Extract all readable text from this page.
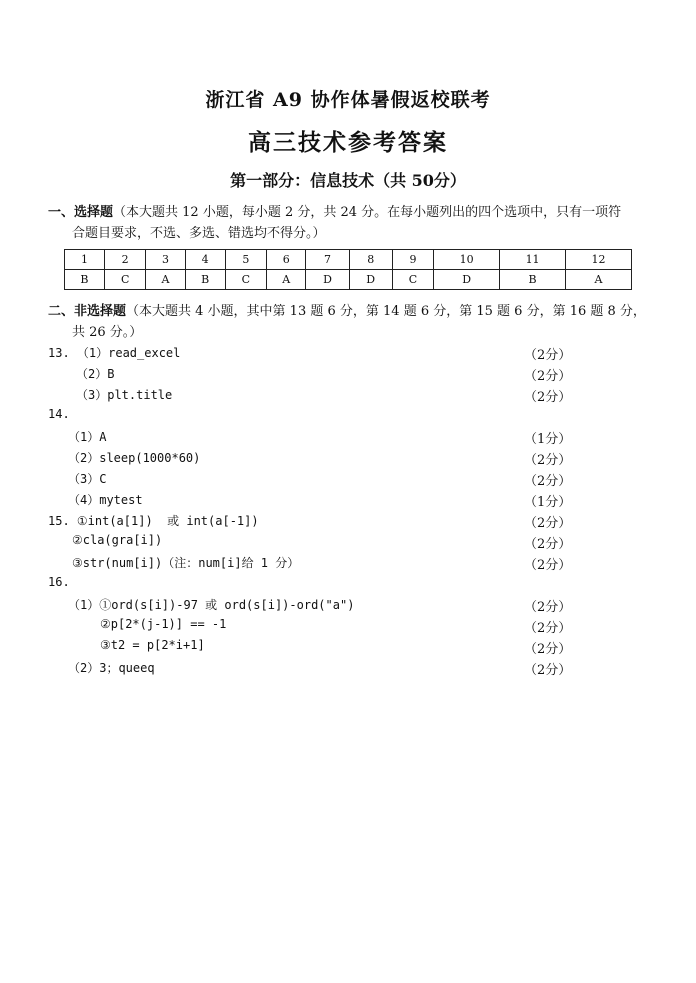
浙江省 A9 协作体暑假返校联考
高三技术参考答案
第一部分：信息技术（共 50分）
一、选择题（本大题共 12 小题，每小题 2 分，共 24 分。在每小题列出的四个选项中，只有一项符
合题目要求，不选、多选、错选均不得分。）
1	2	3	4	5	6	7	8	9	10	11	12
B	C	A	B	C	A	D	D	C	D	B	A
二、非选择题（本大题共 4 小题，其中第 13 题 6 分，第 14 题 6 分，第 15 题 6 分，第 16 题 8 分，
共 26 分。）
13. （1）read_excel	（2分）
（2）B	（2分）
（3）plt.title	（2分）
14.
（1）A	（1分）
（2）sleep(1000*60)	（2分）
（3）C	（2分）
（4）mytest	（1分）
15. ①int(a[1])  或 int(a[-1])	（2分）
②cla(gra[i])	（2分）
③str(num[i])（注：num[i]给 1 分）	（2分）
16.
（1）①ord(s[i])-97 或 ord(s[i])-ord("a")	（2分）
②p[2*(j-1)] == -1	（2分）
③t2 = p[2*i+1]	（2分）
（2）3；queeq	（2分）
